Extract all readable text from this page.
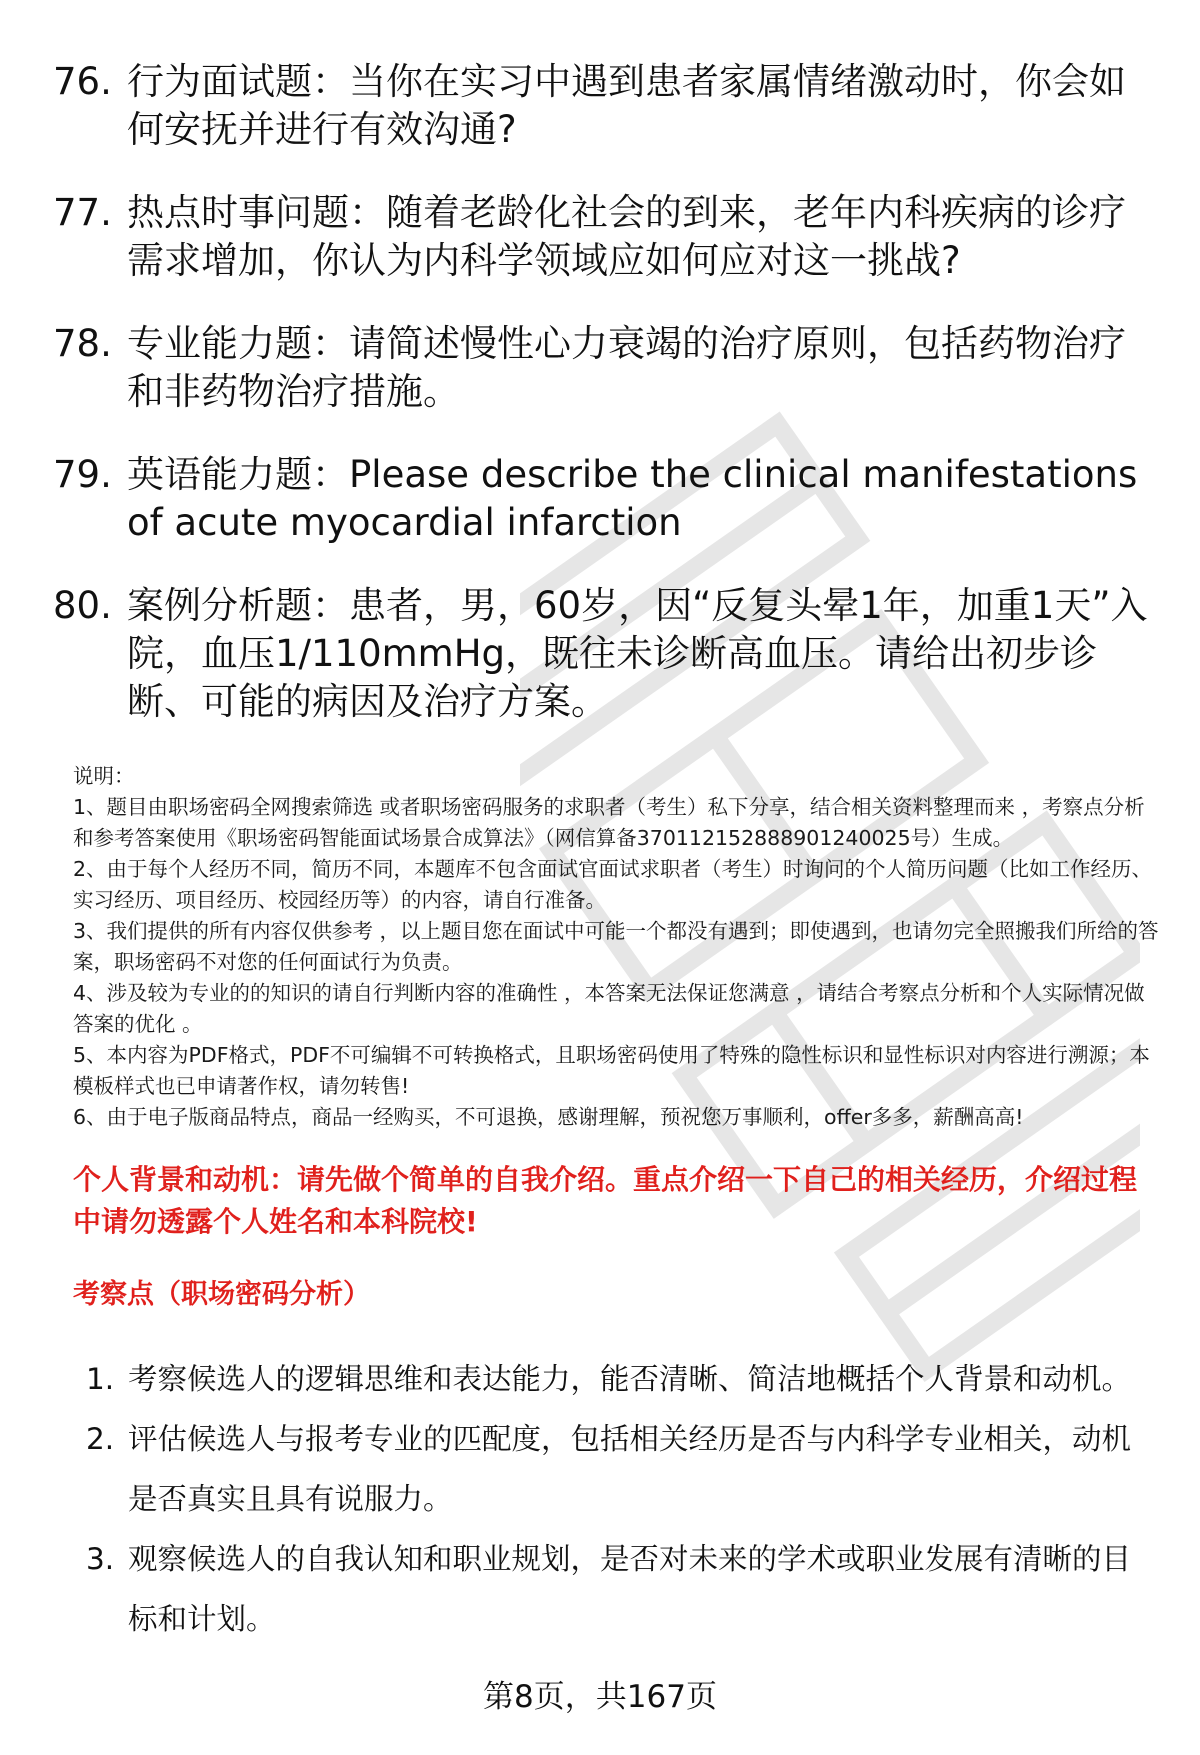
76. 行为面试题：当你在实习中遇到患者家属情绪激动时，你会如何安抚并进行有效沟通?
77. 热点时事问题：随着老龄化社会的到来，老年内科疾病的诊疗需求增加，你认为内科学领域应如何应对这一挑战?
78. 专业能力题：请简述慢性心力衰竭的治疗原则，包括药物治疗和非药物治疗措施。
79. 英语能力题：Please describe the clinical manifestations of acute myocardial infarction
80. 案例分析题：患者，男，60岁，因“反复头晕1年，加重1天”入院，血压1/110mmHg，既往未诊断高血压。请给出初步诊断、可能的病因及治疗方案。

说明：

1、题目由职场密码全网搜索筛选 或者职场密码服务的求职者（考生）私下分享，结合相关资料整理而来 ，考察点分析和参考答案使用《职场密码智能面试场景合成算法》（网信算备370112152888901240025号）生成。

2、由于每个人经历不同，简历不同，本题库不包含面试官面试求职者（考生）时询问的个人简历问题（比如工作经历、实习经历、项目经历、校园经历等）的内容，请自行准备。

3、我们提供的所有内容仅供参考 ，以上题目您在面试中可能一个都没有遇到；即使遇到，也请勿完全照搬我们所给的答案，职场密码不对您的任何面试行为负责。

4、涉及较为专业的的知识的请自行判断内容的准确性 ，本答案无法保证您满意 ，请结合考察点分析和个人实际情况做答案的优化 。

5、本内容为PDF格式，PDF不可编辑不可转换格式，且职场密码使用了特殊的隐性标识和显性标识对内容进行溯源；本模板样式也已申请著作权，请勿转售!

6、由于电子版商品特点，商品一经购买，不可退换，感谢理解，预祝您万事顺利，offer多多，薪酬高高!

个人背景和动机：请先做个简单的自我介绍。重点介绍一下自己的相关经历，介绍过程中请勿透露个人姓名和本科院校!
考察点（职场密码分析）
1. 考察候选人的逻辑思维和表达能力，能否清晰、简洁地概括个人背景和动机。
2. 评估候选人与报考专业的匹配度，包括相关经历是否与内科学专业相关，动机是否真实且具有说服力。
3. 观察候选人的自我认知和职业规划，是否对未来的学术或职业发展有清晰的目标和计划。
第8页，共167页
